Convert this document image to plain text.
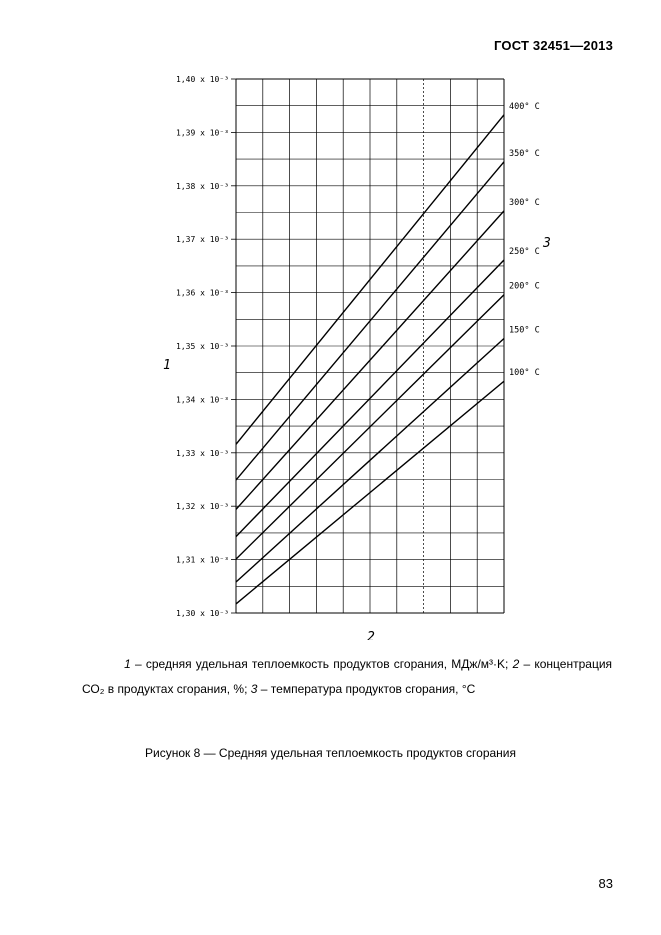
ГОСТ 32451—2013
1,30 x 10⁻³
1,31 x 10⁻³
1,32 x 10⁻³
1,33 x 10⁻³
1,34 x 10⁻³
1,35 x 10⁻³
1,36 x 10⁻³
1,37 x 10⁻³
1,38 x 10⁻³
1,39 x 10⁻³
1,40 x 10⁻³
400° C
350° C
300° C
250° C
200° C
150° C
100° C
1
2
3
1 – средняя удельная теплоемкость продуктов сгорания, МДж/м³·K; 2 – концентрация СО₂ в продуктах сгорания, %; 3 – температура продуктов сгорания, °С
Рисунок 8 — Средняя удельная теплоемкость продуктов сгорания
83
